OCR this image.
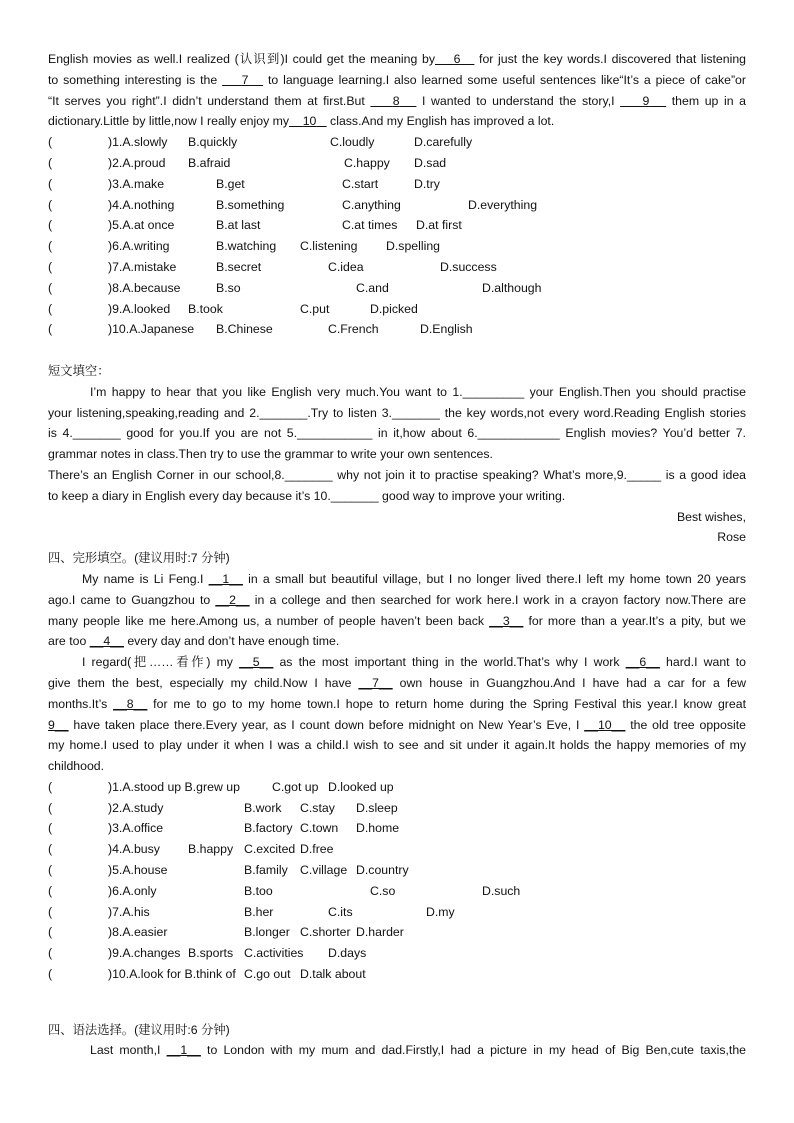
English movies as well.I realized (认识到)I could get the meaning by 6    for just the key words.I discovered that listening

to something interesting is the     7    to language learning.I also learned some useful sentences like“It’s a piece of cake”or

“It serves you right”.I didn’t understand them at first.But     8    I wanted to understand the story,I     9    them up in a

dictionary.Little by little,now I really enjoy my 10    class.And my English has improved a lot.

(	)1.A.slowly B.quickly	C.loudly	D.carefully
(	)2.A.proud B.afraid	C.happy D.sad
(	)3.A.make	B.get	C.start	D.try
(	)4.A.nothing	B.something	C.anything	D.everything
(	)5.A.at once	B.at last	C.at times D.at first
(	)6.A.writing	B.watching C.listening D.spelling
(	)7.A.mistake	B.secret	C.idea	D.success
(	)8.A.because	B.so	C.and	D.although
(	)9.A.looked B.took	C.put	D.picked
(	)10.A.Japanese B.Chinese	C.French	D.English

短文填空：

I’m happy to hear that you like English very much.You want to 1._________ your English.Then you should practise

your listening,speaking,reading and 2._______.Try to listen 3._______ the key words,not every word.Reading English stories

is 4._______ good for you.If you are not 5.___________ in it,how about 6.____________ English movies? You’d better 7.

grammar notes in class.Then try to use the grammar to write your own sentences.

There’s an English Corner in our school,8._______ why not join it to practise speaking? What’s more,9._____ is a good idea

to keep a diary in English every day because it’s 10._______ good way to improve your writing.

Best wishes,

Rose

四、完形填空。(建议用时:7 分钟)

My name is Li Feng.I __1__ in a small but beautiful village, but I no longer lived there.I left my home town 20 years

ago.I came to Guangzhou to __2__ in a college and then searched for work here.I work in a crayon factory now.There are

many people like me here.Among us, a number of people haven’t been back __3__ for more than a year.It’s a pity, but we

are too __4__ every day and don’t have enough time.

I regard(把……看作) my __5__ as the most important thing in the world.That’s why I work __6__ hard.I want to

give them the best, especially my child.Now I have __7__ own house in Guangzhou.And I have had a car for a few

months.It’s __8__ for me to go to my home town.I hope to return home during the Spring Festival this year.I know great

9__ have taken place there.Every year, as I count down before midnight on New Year’s Eve, I __10__ the old tree opposite

my home.I used to play under it when I was a child.I wish to see and sit under it again.It holds the happy memories of my

childhood.

(	)1.A.stood up B.grew up	C.got up D.looked up
(	)2.A.study	B.work C.stay D.sleep
(	)3.A.office	B.factory C.town D.home
(	)4.A.busy B.happy C.excited D.free
(	)5.A.house	B.family C.village D.country
(	)6.A.only	B.too	C.so	D.such
(	)7.A.his	B.her	C.its	D.my
(	)8.A.easier	B.longer C.shorter D.harder
(	)9.A.changes B.sports C.activities D.days
(	)10.A.look for B.think of C.go out D.talk about

四、语法选择。(建议用时:6 分钟)

Last month,I __1__ to London with my mum and dad.Firstly,I had a picture in my head of Big Ben,cute taxis,the
